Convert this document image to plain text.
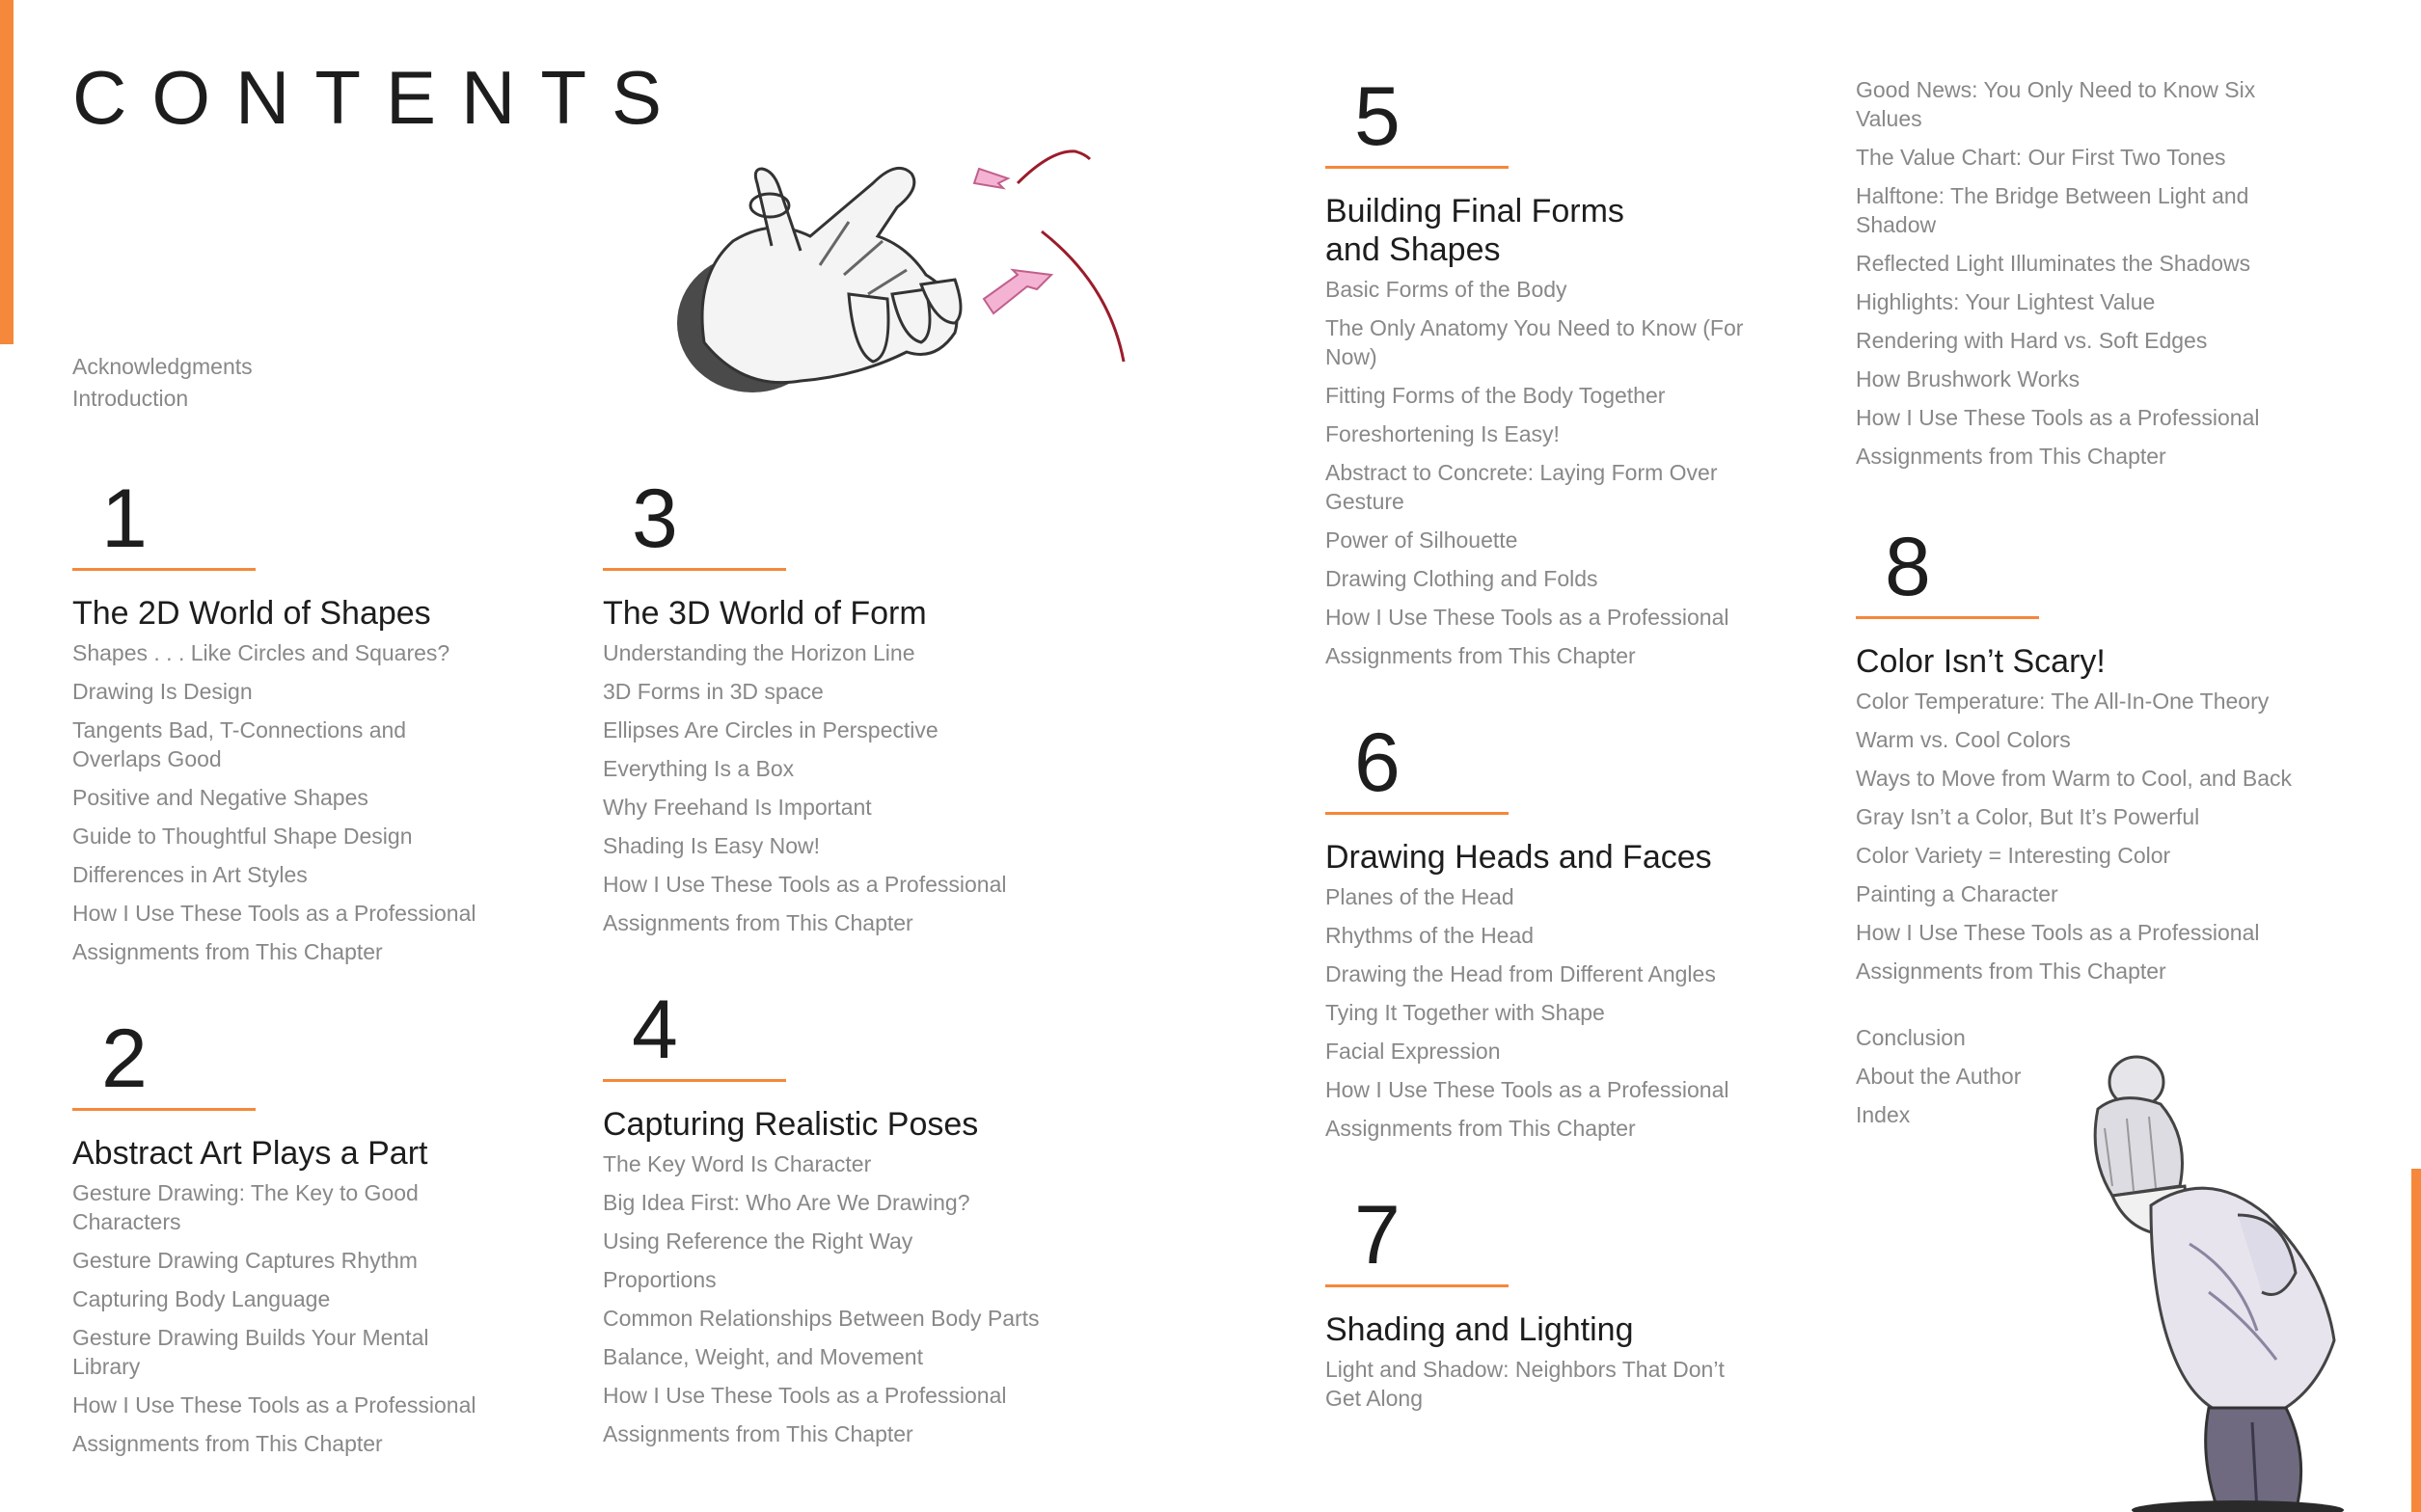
CONTENTS
Acknowledgments
Introduction
1
The 2D World of Shapes
Shapes . . . Like Circles and Squares?
Drawing Is Design
Tangents Bad, T-Connections and Overlaps Good
Positive and Negative Shapes
Guide to Thoughtful Shape Design
Differences in Art Styles
How I Use These Tools as a Professional
Assignments from This Chapter
2
Abstract Art Plays a Part
Gesture Drawing: The Key to Good Characters
Gesture Drawing Captures Rhythm
Capturing Body Language
Gesture Drawing Builds Your Mental Library
How I Use These Tools as a Professional
Assignments from This Chapter
3
The 3D World of Form
Understanding the Horizon Line
3D Forms in 3D space
Ellipses Are Circles in Perspective
Everything Is a Box
Why Freehand Is Important
Shading Is Easy Now!
How I Use These Tools as a Professional
Assignments from This Chapter
4
Capturing Realistic Poses
The Key Word Is Character
Big Idea First: Who Are We Drawing?
Using Reference the Right Way
Proportions
Common Relationships Between Body Parts
Balance, Weight, and Movement
How I Use These Tools as a Professional
Assignments from This Chapter
5
Building Final Forms and Shapes
Basic Forms of the Body
The Only Anatomy You Need to Know (For Now)
Fitting Forms of the Body Together
Foreshortening Is Easy!
Abstract to Concrete: Laying Form Over Gesture
Power of Silhouette
Drawing Clothing and Folds
How I Use These Tools as a Professional
Assignments from This Chapter
6
Drawing Heads and Faces
Planes of the Head
Rhythms of the Head
Drawing the Head from Different Angles
Tying It Together with Shape
Facial Expression
How I Use These Tools as a Professional
Assignments from This Chapter
7
Shading and Lighting
Light and Shadow: Neighbors That Don’t Get Along
Good News: You Only Need to Know Six Values
The Value Chart: Our First Two Tones
Halftone: The Bridge Between Light and Shadow
Reflected Light Illuminates the Shadows
Highlights: Your Lightest Value
Rendering with Hard vs. Soft Edges
How Brushwork Works
How I Use These Tools as a Professional
Assignments from This Chapter
8
Color Isn’t Scary!
Color Temperature: The All-In-One Theory
Warm vs. Cool Colors
Ways to Move from Warm to Cool, and Back
Gray Isn’t a Color, But It’s Powerful
Color Variety = Interesting Color
Painting a Character
How I Use These Tools as a Professional
Assignments from This Chapter
Conclusion
About the Author
Index
